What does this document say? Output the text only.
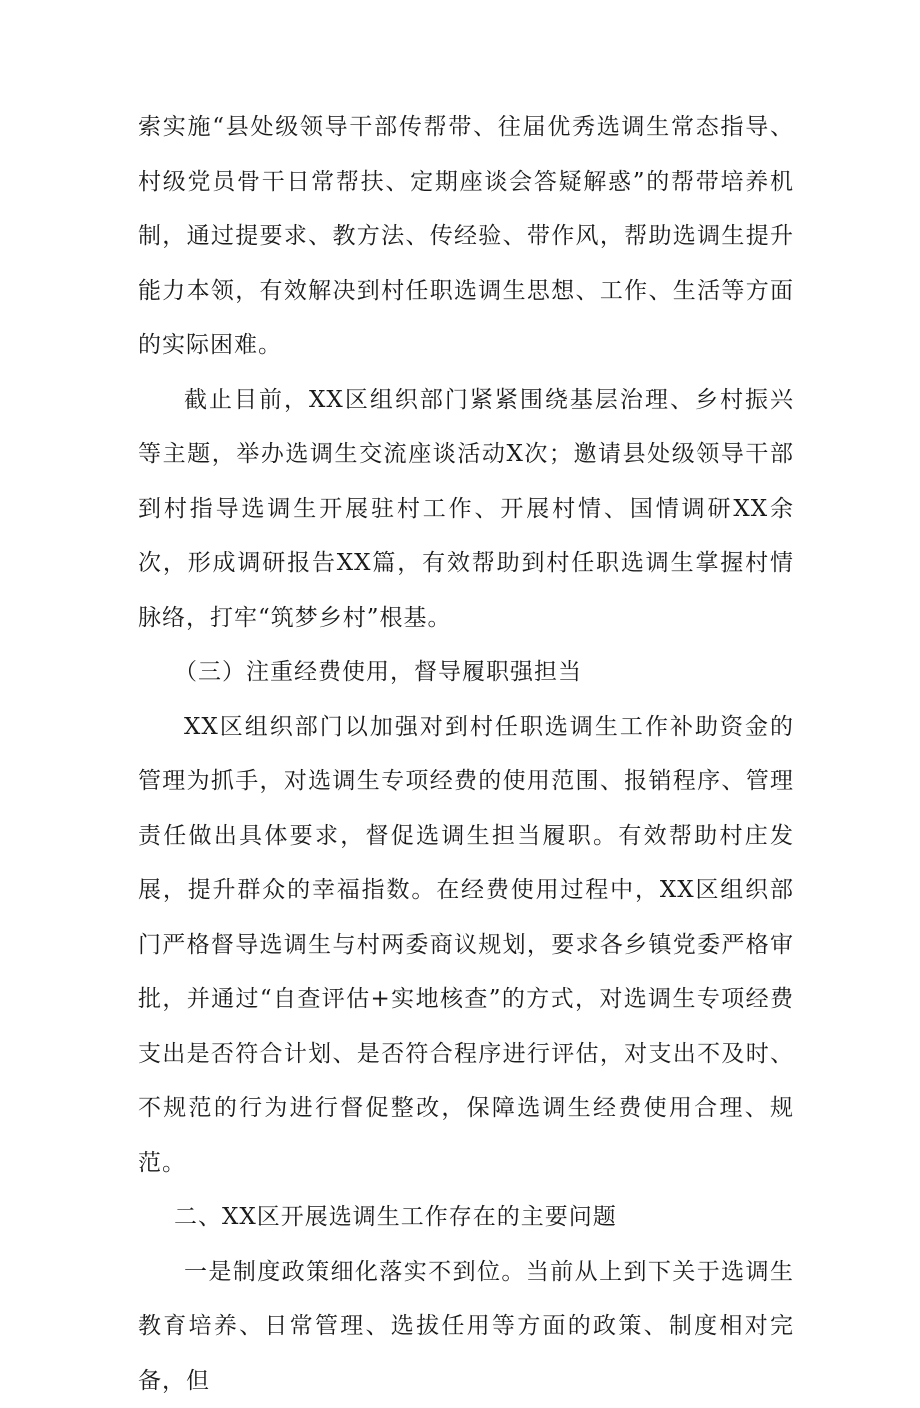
索实施“县处级领导干部传帮带、往届优秀选调生常态指导、村级党员骨干日常帮扶、定期座谈会答疑解惑”的帮带培养机制，通过提要求、教方法、传经验、带作风，帮助选调生提升能力本领，有效解决到村任职选调生思想、工作、生活等方面的实际困难。

截止目前，XX区组织部门紧紧围绕基层治理、乡村振兴等主题，举办选调生交流座谈活动X次；邀请县处级领导干部到村指导选调生开展驻村工作、开展村情、国情调研XX余次，形成调研报告XX篇，有效帮助到村任职选调生掌握村情脉络，打牢“筑梦乡村”根基。

（三）注重经费使用，督导履职强担当

XX区组织部门以加强对到村任职选调生工作补助资金的管理为抓手，对选调生专项经费的使用范围、报销程序、管理责任做出具体要求，督促选调生担当履职。有效帮助村庄发展，提升群众的幸福指数。在经费使用过程中，XX区组织部门严格督导选调生与村两委商议规划，要求各乡镇党委严格审批，并通过“自查评估+实地核查”的方式，对选调生专项经费支出是否符合计划、是否符合程序进行评估，对支出不及时、不规范的行为进行督促整改，保障选调生经费使用合理、规范。

二、XX区开展选调生工作存在的主要问题

一是制度政策细化落实不到位。当前从上到下关于选调生教育培养、日常管理、选拔任用等方面的政策、制度相对完备，但
